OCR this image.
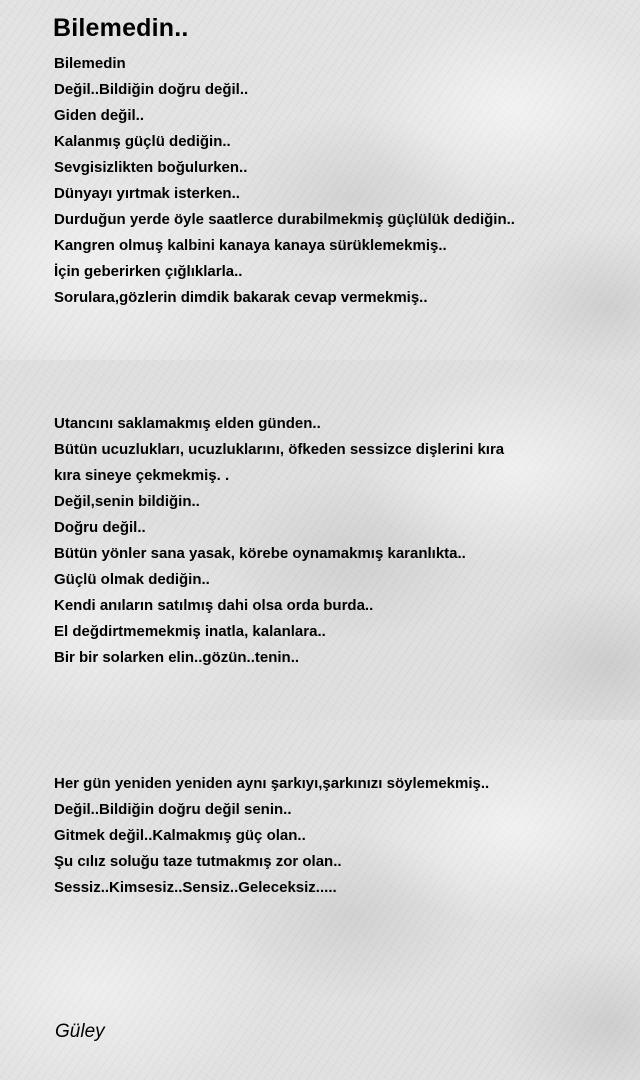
Bilemedin..
Bilemedin
Değil..Bildiğin doğru değil..
Giden değil..
Kalanmış güçlü dediğin..
Sevgisizlikten boğulurken..
Dünyayı yırtmak isterken..
Durduğun yerde öyle saatlerce durabilmekmiş güçlülük dediğin..
Kangren olmuş kalbini kanaya kanaya sürüklemekmiş..
İçin geberirken çığlıklarla..
Sorulara,gözlerin dimdik bakarak cevap vermekmiş..
Utancını saklamakmış elden günden..
Bütün ucuzlukları, ucuzluklarını, öfkeden sessizce dişlerini kıra
kıra sineye çekmekmiş. .
Değil,senin bildiğin..
Doğru değil..
Bütün yönler sana yasak, körebe oynamakmış karanlıkta..
Güçlü olmak dediğin..
Kendi anıların satılmış dahi olsa orda burda..
El değdirtmemekmiş inatla, kalanlara..
Bir bir solarken elin..gözün..tenin..
Her gün yeniden yeniden aynı şarkıyı,şarkınızı söylemekmiş..
Değil..Bildiğin doğru değil senin..
Gitmek değil..Kalmakmış güç olan..
Şu cılız soluğu taze tutmakmış zor olan..
Sessiz..Kimsesiz..Sensiz..Geleceksiz.....
Güley
